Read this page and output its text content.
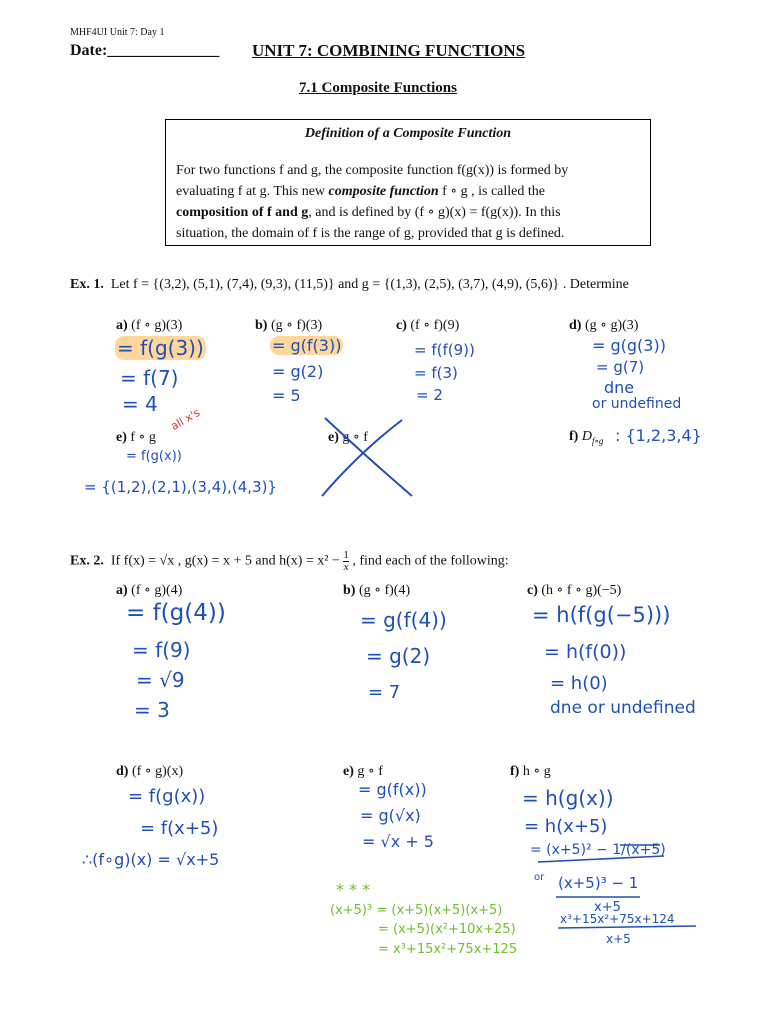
MHF4UI Unit 7: Day 1
Date:______________ UNIT 7: COMBINING FUNCTIONS
7.1 Composite Functions
Definition of a Composite Function
For two functions f and g, the composite function f(g(x)) is formed by
evaluating f at g. This new composite function f ∘ g , is called the
composition of f and g, and is defined by (f ∘ g)(x) = f(g(x)). In this
situation, the domain of f is the range of g, provided that g is defined.
Ex. 1. Let f = {(3,2), (5,1), (7,4), (9,3), (11,5)} and g = {(1,3), (2,5), (3,7), (4,9), (5,6)} . Determine
a) (f ∘ g)(3)	b) (g ∘ f)(3)	c) (f ∘ f)(9)	d) (g ∘ g)(3)
= f(g(3))
= f(7)
= 4
= g(f(3))
= g(2)
= 5
= f(f(9))
= f(3)
= 2
= g(g(3))
= g(7)
dne
or undefined
e) f ∘ g
all x's
= f(g(x))
= {(1,2),(2,1),(3,4),(4,3)}
e) g ∘ f	f) $D_{f\circ g}$ : {1,2,3,4}
Ex. 2. If f(x) = √x , g(x) = x + 5 and $h(x) = x^2 - \frac{1}{x}$ , find each of the following:
a) (f ∘ g)(4)	b) (g ∘ f)(4)	c) (h ∘ f ∘ g)(−5)
= f(g(4))
= f(9)
= √9
= 3
= g(f(4))
= g(2)
= 7
= h(f(g(−5)))
= h(f(0))
= h(0)
dne or undefined
d) (f ∘ g)(x)	e) g ∘ f	f) h ∘ g
= f(g(x))
= f(x+5)
∴(f∘g)(x) = √x+5
= g(f(x))
= g(√x)
= √x + 5
= h(g(x))
= h(x+5)
= (x+5)² − 1/(x+5)
or (x+5)³ − 1
x+5
x³+15x²+75x+124
x+5
* * *
(x+5)³ = (x+5)(x+5)(x+5)
= (x+5)(x²+10x+25)
= x³+15x²+75x+125
